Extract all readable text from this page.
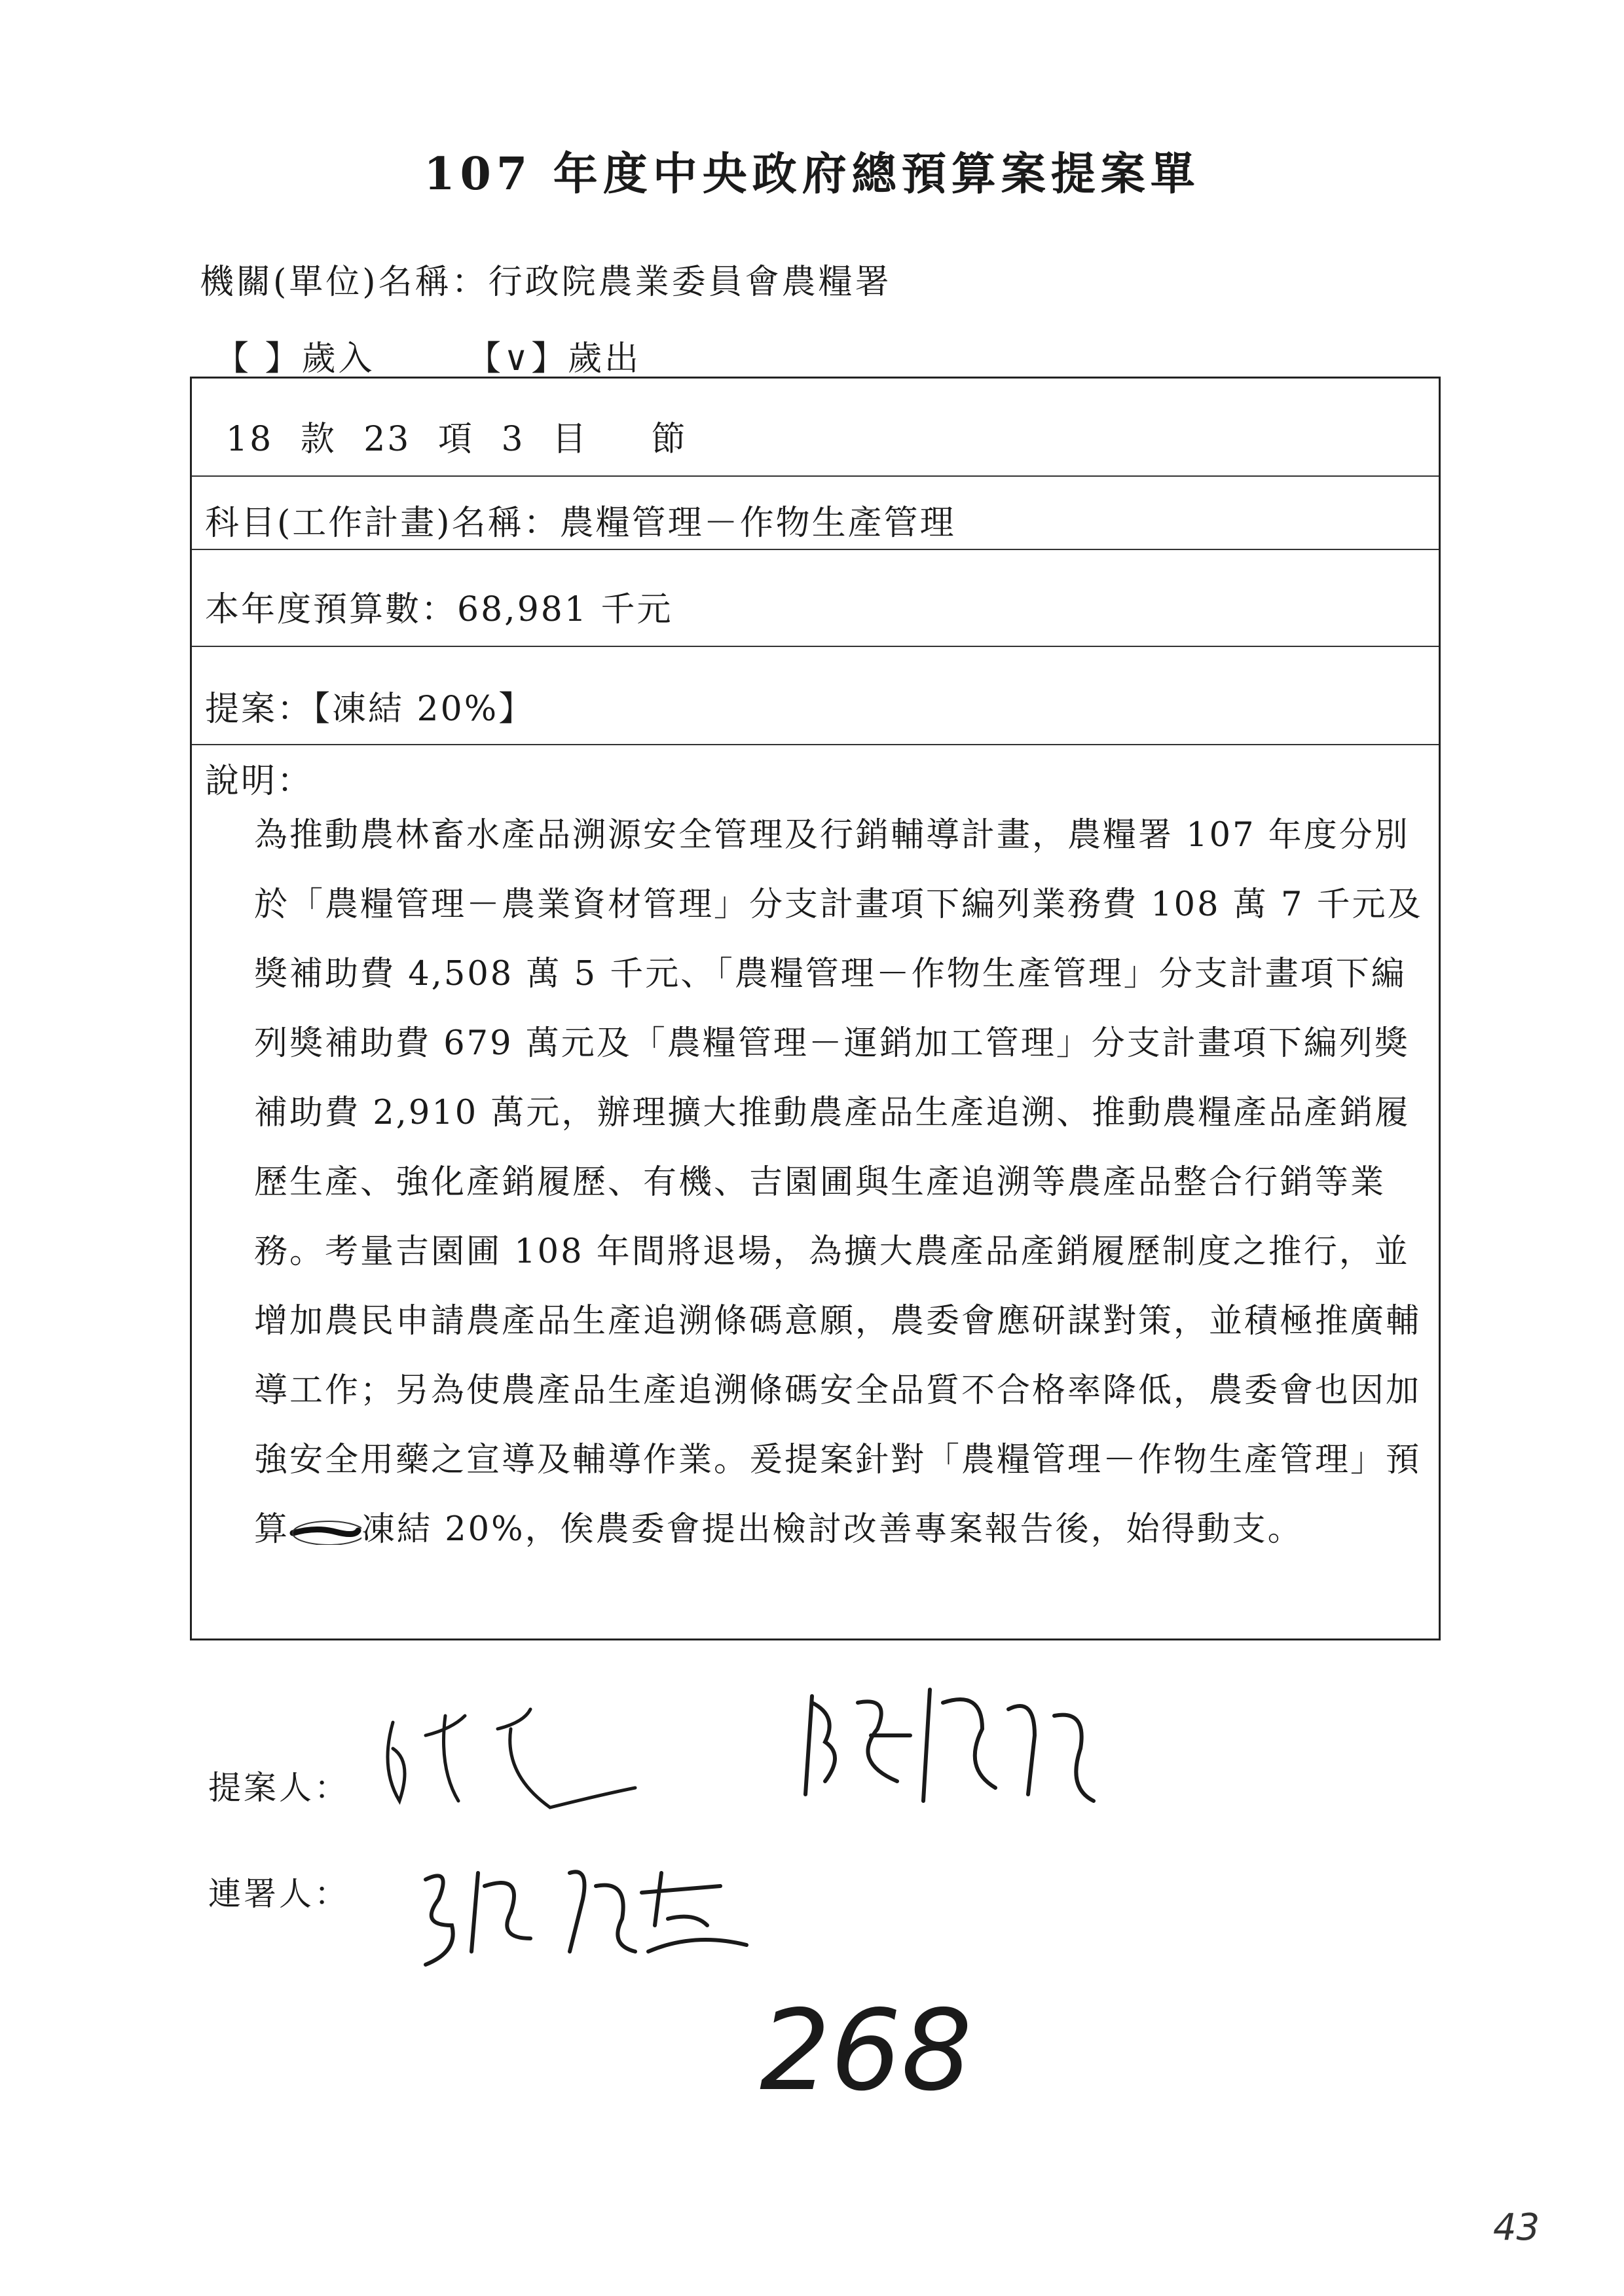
107 年度中央政府總預算案提案單
機關(單位)名稱：行政院農業委員會農糧署
【 】歲入	【∨】歲出
18 款 23 項 3 目　 節
科目(工作計畫)名稱：農糧管理－作物生產管理
本年度預算數：68,981 千元
提案：【凍結 20%】
說明：
為推動農林畜水產品溯源安全管理及行銷輔導計畫，農糧署 107 年度分別於「農糧管理－農業資材管理」分支計畫項下編列業務費 108 萬 7 千元及獎補助費 4,508 萬 5 千元、「農糧管理－作物生產管理」分支計畫項下編列獎補助費 679 萬元及「農糧管理－運銷加工管理」分支計畫項下編列獎補助費 2,910 萬元，辦理擴大推動農產品生產追溯、推動農糧產品產銷履歷生產、強化產銷履歷、有機、吉園圃與生產追溯等農產品整合行銷等業務。考量吉園圃 108 年間將退場，為擴大農產品產銷履歷制度之推行，並增加農民申請農產品生產追溯條碼意願，農委會應研謀對策，並積極推廣輔導工作；另為使農產品生產追溯條碼安全品質不合格率降低，農委會也因加強安全用藥之宣導及輔導作業。爰提案針對「農糧管理－作物生產管理」預算 凍結 20%，俟農委會提出檢討改善專案報告後，始得動支。
提案人：
連署人：
268
43
